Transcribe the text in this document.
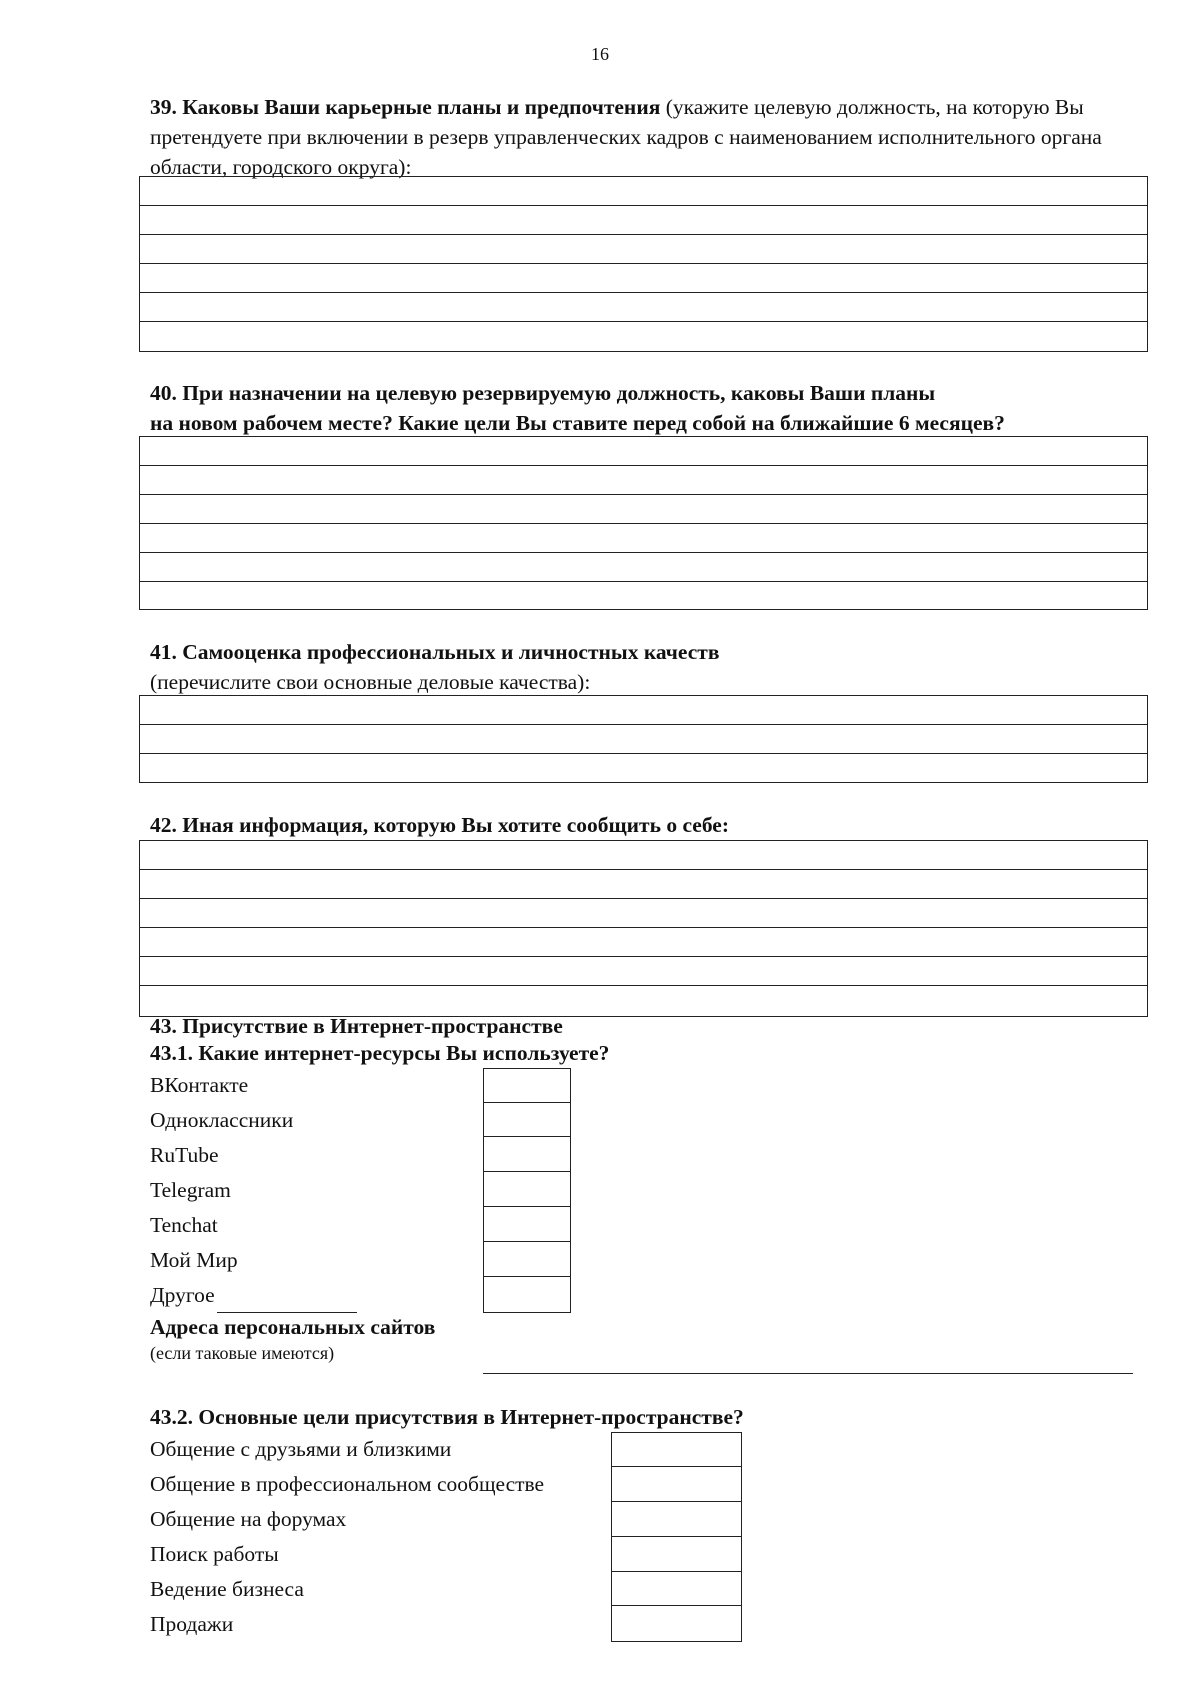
16
39. Каковы Ваши карьерные планы и предпочтения (укажите целевую должность, на которую Вы претендуете при включении в резерв управленческих кадров с наименованием исполнительного органа области, городского округа):
40. При назначении на целевую резервируемую должность, каковы Ваши планы
на новом рабочем месте? Какие цели Вы ставите перед собой на ближайшие 6 месяцев?
41. Самооценка профессиональных и личностных качеств
(перечислите свои основные деловые качества):
42. Иная информация, которую Вы хотите сообщить о себе:
43. Присутствие в Интернет-пространстве
43.1. Какие интернет-ресурсы Вы используете?
ВКонтакте
Одноклассники
RuTube
Telegram
Tenchat
Мой Мир
Другое
Адреса персональных сайтов
(если таковые имеются)
43.2. Основные цели присутствия в Интернет-пространстве?
Общение с друзьями и близкими
Общение в профессиональном сообществе
Общение на форумах
Поиск работы
Ведение бизнеса
Продажи
